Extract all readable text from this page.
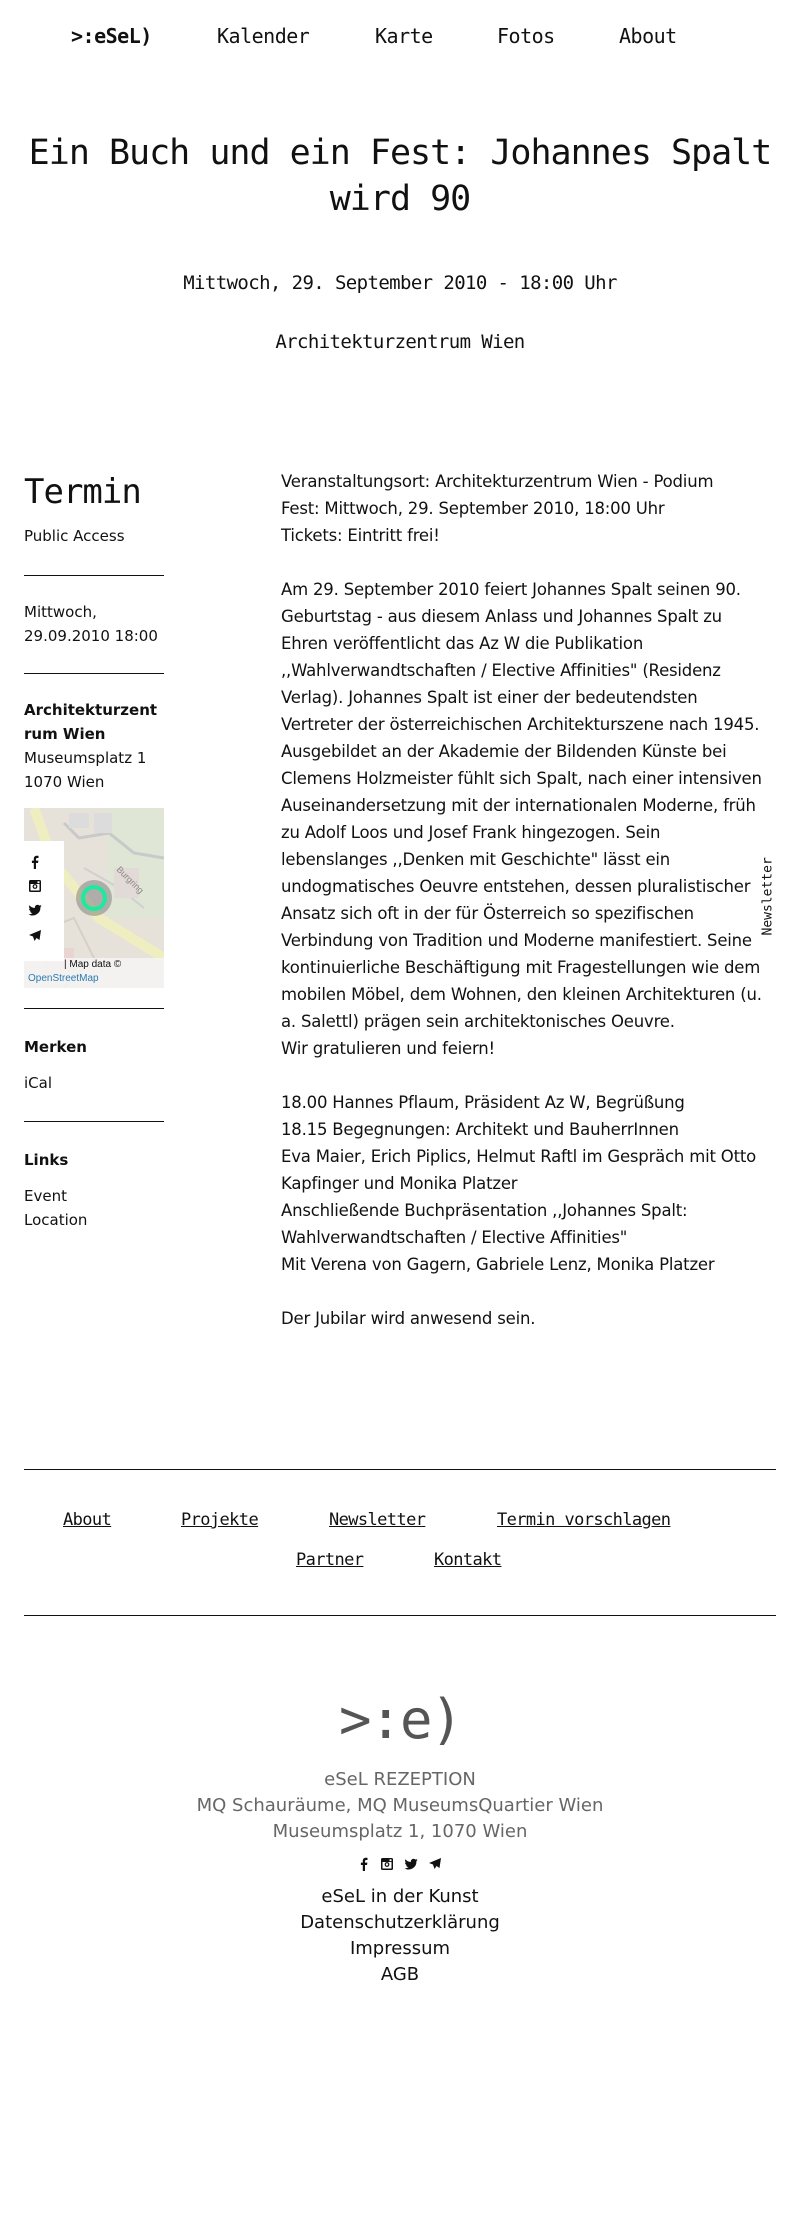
>:eSeL)	Kalender	Karte	Fotos	About
Ein Buch und ein Fest: Johannes Spalt wird 90
Mittwoch, 29. September 2010 - 18:00 Uhr
Architekturzentrum Wien
Termin
Public Access
Mittwoch,
29.09.2010 18:00
Architekturzentrum Wien
Museumsplatz 1
1070 Wien
Burgring
| Map data ©
OpenStreetMap
Merken
iCal
Links
Event
Location

Veranstaltungsort: Architekturzentrum Wien - Podium
Fest: Mittwoch, 29. September 2010, 18:00 Uhr
Tickets: Eintritt frei!

Am 29. September 2010 feiert Johannes Spalt seinen 90. Geburtstag - aus diesem Anlass und Johannes Spalt zu Ehren veröffentlicht das Az W die Publikation ,,Wahlverwandtschaften / Elective Affinities" (Residenz Verlag). Johannes Spalt ist einer der bedeutendsten Vertreter der österreichischen Architekturszene nach 1945. Ausgebildet an der Akademie der Bildenden Künste bei Clemens Holzmeister fühlt sich Spalt, nach einer intensiven Auseinandersetzung mit der internationalen Moderne, früh zu Adolf Loos und Josef Frank hingezogen. Sein lebenslanges ,,Denken mit Geschichte" lässt ein undogmatisches Oeuvre entstehen, dessen pluralistischer Ansatz sich oft in der für Österreich so spezifischen Verbindung von Tradition und Moderne manifestiert. Seine kontinuierliche Beschäftigung mit Fragestellungen wie dem mobilen Möbel, dem Wohnen, den kleinen Architekturen (u. a. Salettl) prägen sein architektonisches Oeuvre.
Wir gratulieren und feiern!

18.00 Hannes Pflaum, Präsident Az W, Begrüßung
18.15 Begegnungen: Architekt und BauherrInnen
Eva Maier, Erich Piplics, Helmut Raftl im Gespräch mit Otto Kapfinger und Monika Platzer
Anschließende Buchpräsentation ,,Johannes Spalt: Wahlverwandtschaften / Elective Affinities"
Mit Verena von Gagern, Gabriele Lenz, Monika Platzer

Der Jubilar wird anwesend sein.

Newsletter
About	Projekte	Newsletter	Termin vorschlagen
Partner	Kontakt
>:e)
eSeL REZEPTION
MQ Schauräume, MQ MuseumsQuartier Wien
Museumsplatz 1, 1070 Wien
eSeL in der Kunst
Datenschutzerklärung
Impressum
AGB
